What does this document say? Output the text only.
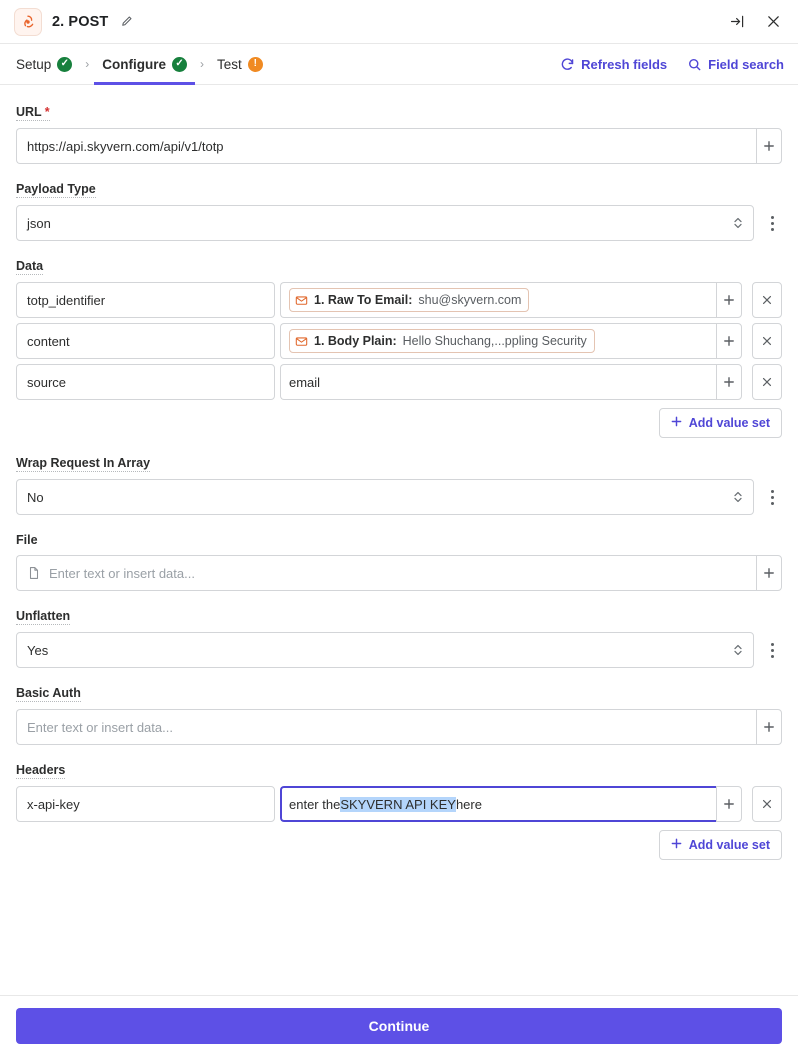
2. POST
Setup ✓	› Configure ✓	› Test	!	Refresh fields	Field search
URL *
https://api.skyvern.com/api/v1/totp
Payload Type
json
Data
totp_identifier	1. Raw To Email: shu@skyvern.com
content	1. Body Plain: Hello Shuchang,...ppling Security
source	email
Add value set
Wrap Request In Array
No
File
Enter text or insert data...
Unflatten
Yes
Basic Auth
Enter text or insert data...
Headers
x-api-key	enter the SKYVERN API KEY here
Add value set
Continue
